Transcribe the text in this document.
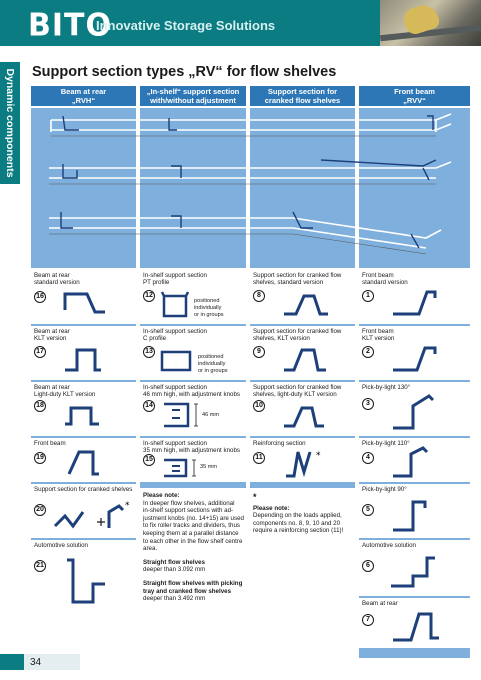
BITO
Innovative Storage Solutions
Dynamic components Support section types „RV“ for flow shelves
Beam at rear
„RVH“
„In-shelf“ support section
with/without adjustment
Support section for
cranked flow shelves
Front beam
„RVV“
Beam at rear
standard version
16
Beam at rear
KLT version
17
Beam at rear
Light-duty KLT version
18
Front beam
19
Support section for cranked shelves
20	*
Automotive solution
21
In-shelf support section
PT profile
12
positioned individually
or in groups
In-shelf support section
C profile
13
positioned individually
or in groups
In-shelf support section
46 mm high, with adjustment knobs
14
46 mm
In-shelf support section
35 mm high, with adjustment knobs
15
35 mm
Please note:
In deeper flow shelves, additional
in-shelf support sections with ad-
justment knobs (no. 14+15) are used
to fix roller tracks and dividers, thus
keeping them at a parallel distance
to each other in the flow shelf centre
area.
Straight flow shelves
deeper than 3.092 mm
Straight flow shelves with picking
tray and cranked flow shelves
deeper than 3.492 mm
Support section for cranked flow
shelves, standard version
8
Support section for cranked flow
shelves, KLT version
9
Support section for cranked flow
shelves, light-duty KLT version
10
Reinforcing section
11	*
*
Please note:
Depending on the loads applied,
components no. 8, 9, 10 and 20
require a reinforcing section (11)!
Front beam
standard version
1
Front beam
KLT version
2
Pick-by-light 130°
3
Pick-by-light 110°
4
Pick-by-light 90°
5
Automotive solution
6
Beam at rear
7
34
